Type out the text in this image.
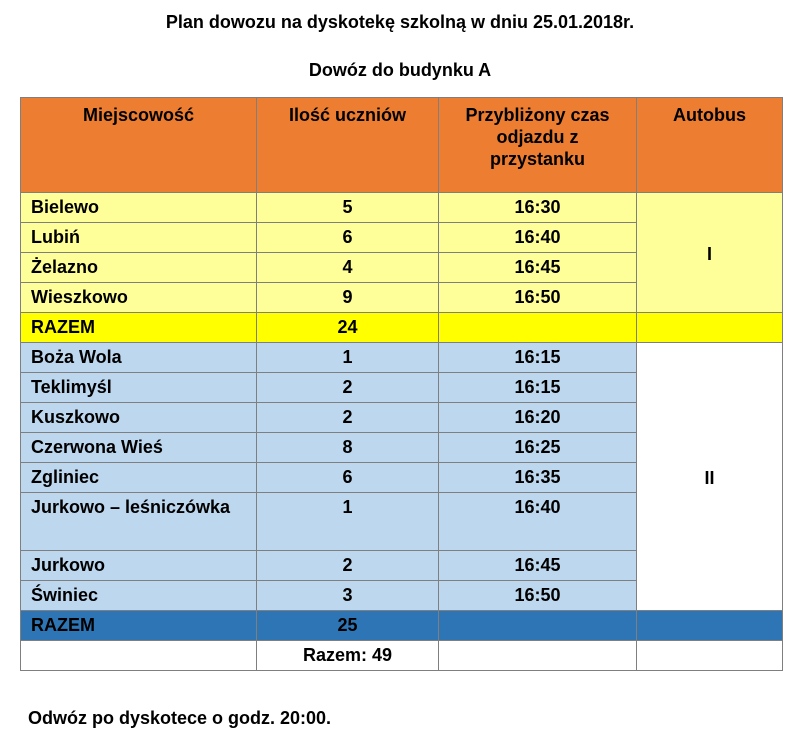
Plan dowozu na dyskotekę szkolną w dniu 25.01.2018r.
Dowóz do budynku A
Miejscowość	Ilość uczniów	Przybliżony czas odjazdu z przystanku	Autobus
Bielewo	5	16:30	I
Lubiń	6	16:40	
Żelazno	4	16:45	
Wieszkowo	9	16:50	
RAZEM	24		
Boża Wola	1	16:15	II
Teklimyśl	2	16:15	
Kuszkowo	2	16:20	
Czerwona Wieś	8	16:25	
Zgliniec	6	16:35	
Jurkowo – leśniczówka	1	16:40	
Jurkowo	2	16:45	
Świniec	3	16:50	
RAZEM	25		
	Razem: 49		
Odwóz po dyskotece o godz. 20:00.
